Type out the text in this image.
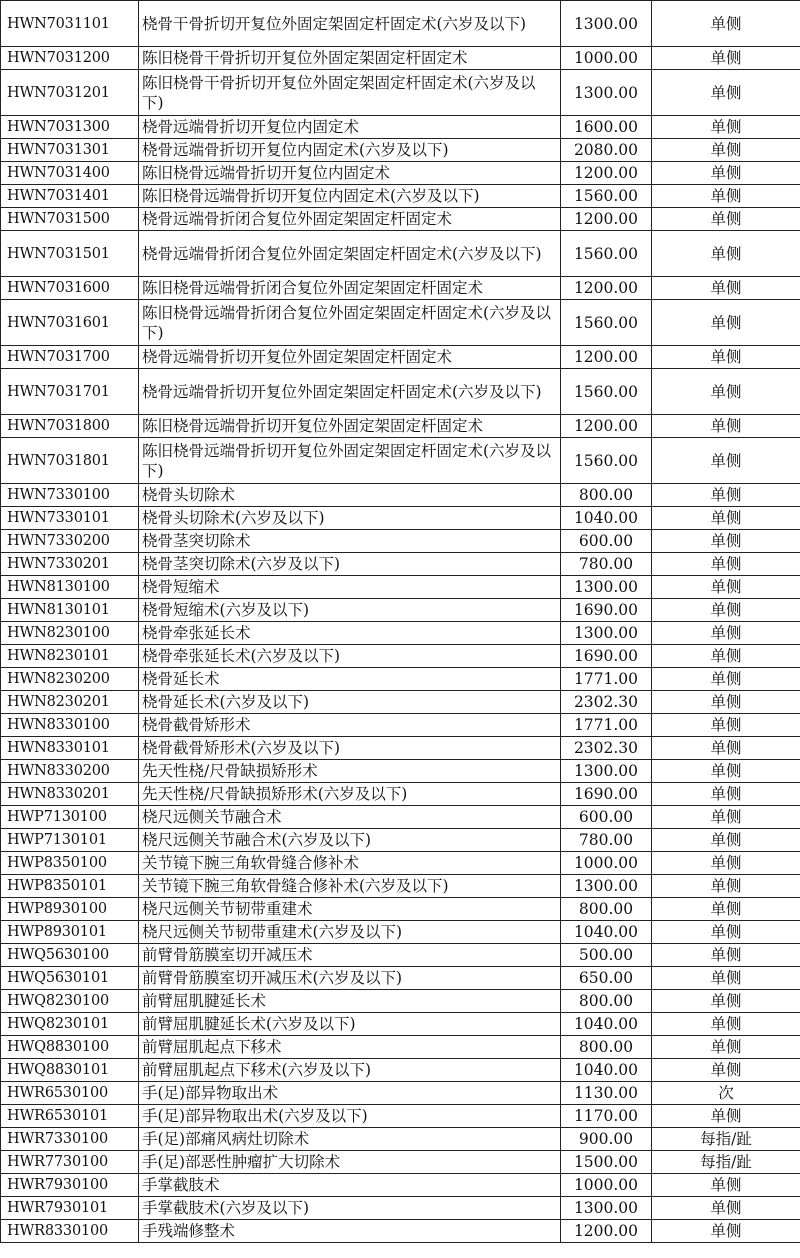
HWN7031101	桡骨干骨折切开复位外固定架固定杆固定术(六岁及以下)	1300.00	单侧
HWN7031200	陈旧桡骨干骨折切开复位外固定架固定杆固定术	1000.00	单侧
HWN7031201	陈旧桡骨干骨折切开复位外固定架固定杆固定术(六岁及以下)	1300.00	单侧
HWN7031300	桡骨远端骨折切开复位内固定术	1600.00	单侧
HWN7031301	桡骨远端骨折切开复位内固定术(六岁及以下)	2080.00	单侧
HWN7031400	陈旧桡骨远端骨折切开复位内固定术	1200.00	单侧
HWN7031401	陈旧桡骨远端骨折切开复位内固定术(六岁及以下)	1560.00	单侧
HWN7031500	桡骨远端骨折闭合复位外固定架固定杆固定术	1200.00	单侧
HWN7031501	桡骨远端骨折闭合复位外固定架固定杆固定术(六岁及以下)	1560.00	单侧
HWN7031600	陈旧桡骨远端骨折闭合复位外固定架固定杆固定术	1200.00	单侧
HWN7031601	陈旧桡骨远端骨折闭合复位外固定架固定杆固定术(六岁及以下)	1560.00	单侧
HWN7031700	桡骨远端骨折切开复位外固定架固定杆固定术	1200.00	单侧
HWN7031701	桡骨远端骨折切开复位外固定架固定杆固定术(六岁及以下)	1560.00	单侧
HWN7031800	陈旧桡骨远端骨折切开复位外固定架固定杆固定术	1200.00	单侧
HWN7031801	陈旧桡骨远端骨折切开复位外固定架固定杆固定术(六岁及以下)	1560.00	单侧
HWN7330100	桡骨头切除术	800.00	单侧
HWN7330101	桡骨头切除术(六岁及以下)	1040.00	单侧
HWN7330200	桡骨茎突切除术	600.00	单侧
HWN7330201	桡骨茎突切除术(六岁及以下)	780.00	单侧
HWN8130100	桡骨短缩术	1300.00	单侧
HWN8130101	桡骨短缩术(六岁及以下)	1690.00	单侧
HWN8230100	桡骨牵张延长术	1300.00	单侧
HWN8230101	桡骨牵张延长术(六岁及以下)	1690.00	单侧
HWN8230200	桡骨延长术	1771.00	单侧
HWN8230201	桡骨延长术(六岁及以下)	2302.30	单侧
HWN8330100	桡骨截骨矫形术	1771.00	单侧
HWN8330101	桡骨截骨矫形术(六岁及以下)	2302.30	单侧
HWN8330200	先天性桡/尺骨缺损矫形术	1300.00	单侧
HWN8330201	先天性桡/尺骨缺损矫形术(六岁及以下)	1690.00	单侧
HWP7130100	桡尺远侧关节融合术	600.00	单侧
HWP7130101	桡尺远侧关节融合术(六岁及以下)	780.00	单侧
HWP8350100	关节镜下腕三角软骨缝合修补术	1000.00	单侧
HWP8350101	关节镜下腕三角软骨缝合修补术(六岁及以下)	1300.00	单侧
HWP8930100	桡尺远侧关节韧带重建术	800.00	单侧
HWP8930101	桡尺远侧关节韧带重建术(六岁及以下)	1040.00	单侧
HWQ5630100	前臂骨筋膜室切开减压术	500.00	单侧
HWQ5630101	前臂骨筋膜室切开减压术(六岁及以下)	650.00	单侧
HWQ8230100	前臂屈肌腱延长术	800.00	单侧
HWQ8230101	前臂屈肌腱延长术(六岁及以下)	1040.00	单侧
HWQ8830100	前臂屈肌起点下移术	800.00	单侧
HWQ8830101	前臂屈肌起点下移术(六岁及以下)	1040.00	单侧
HWR6530100	手(足)部异物取出术	1130.00	次
HWR6530101	手(足)部异物取出术(六岁及以下)	1170.00	单侧
HWR7330100	手(足)部痛风病灶切除术	900.00	每指/趾
HWR7730100	手(足)部恶性肿瘤扩大切除术	1500.00	每指/趾
HWR7930100	手掌截肢术	1000.00	单侧
HWR7930101	手掌截肢术(六岁及以下)	1300.00	单侧
HWR8330100	手残端修整术	1200.00	单侧
